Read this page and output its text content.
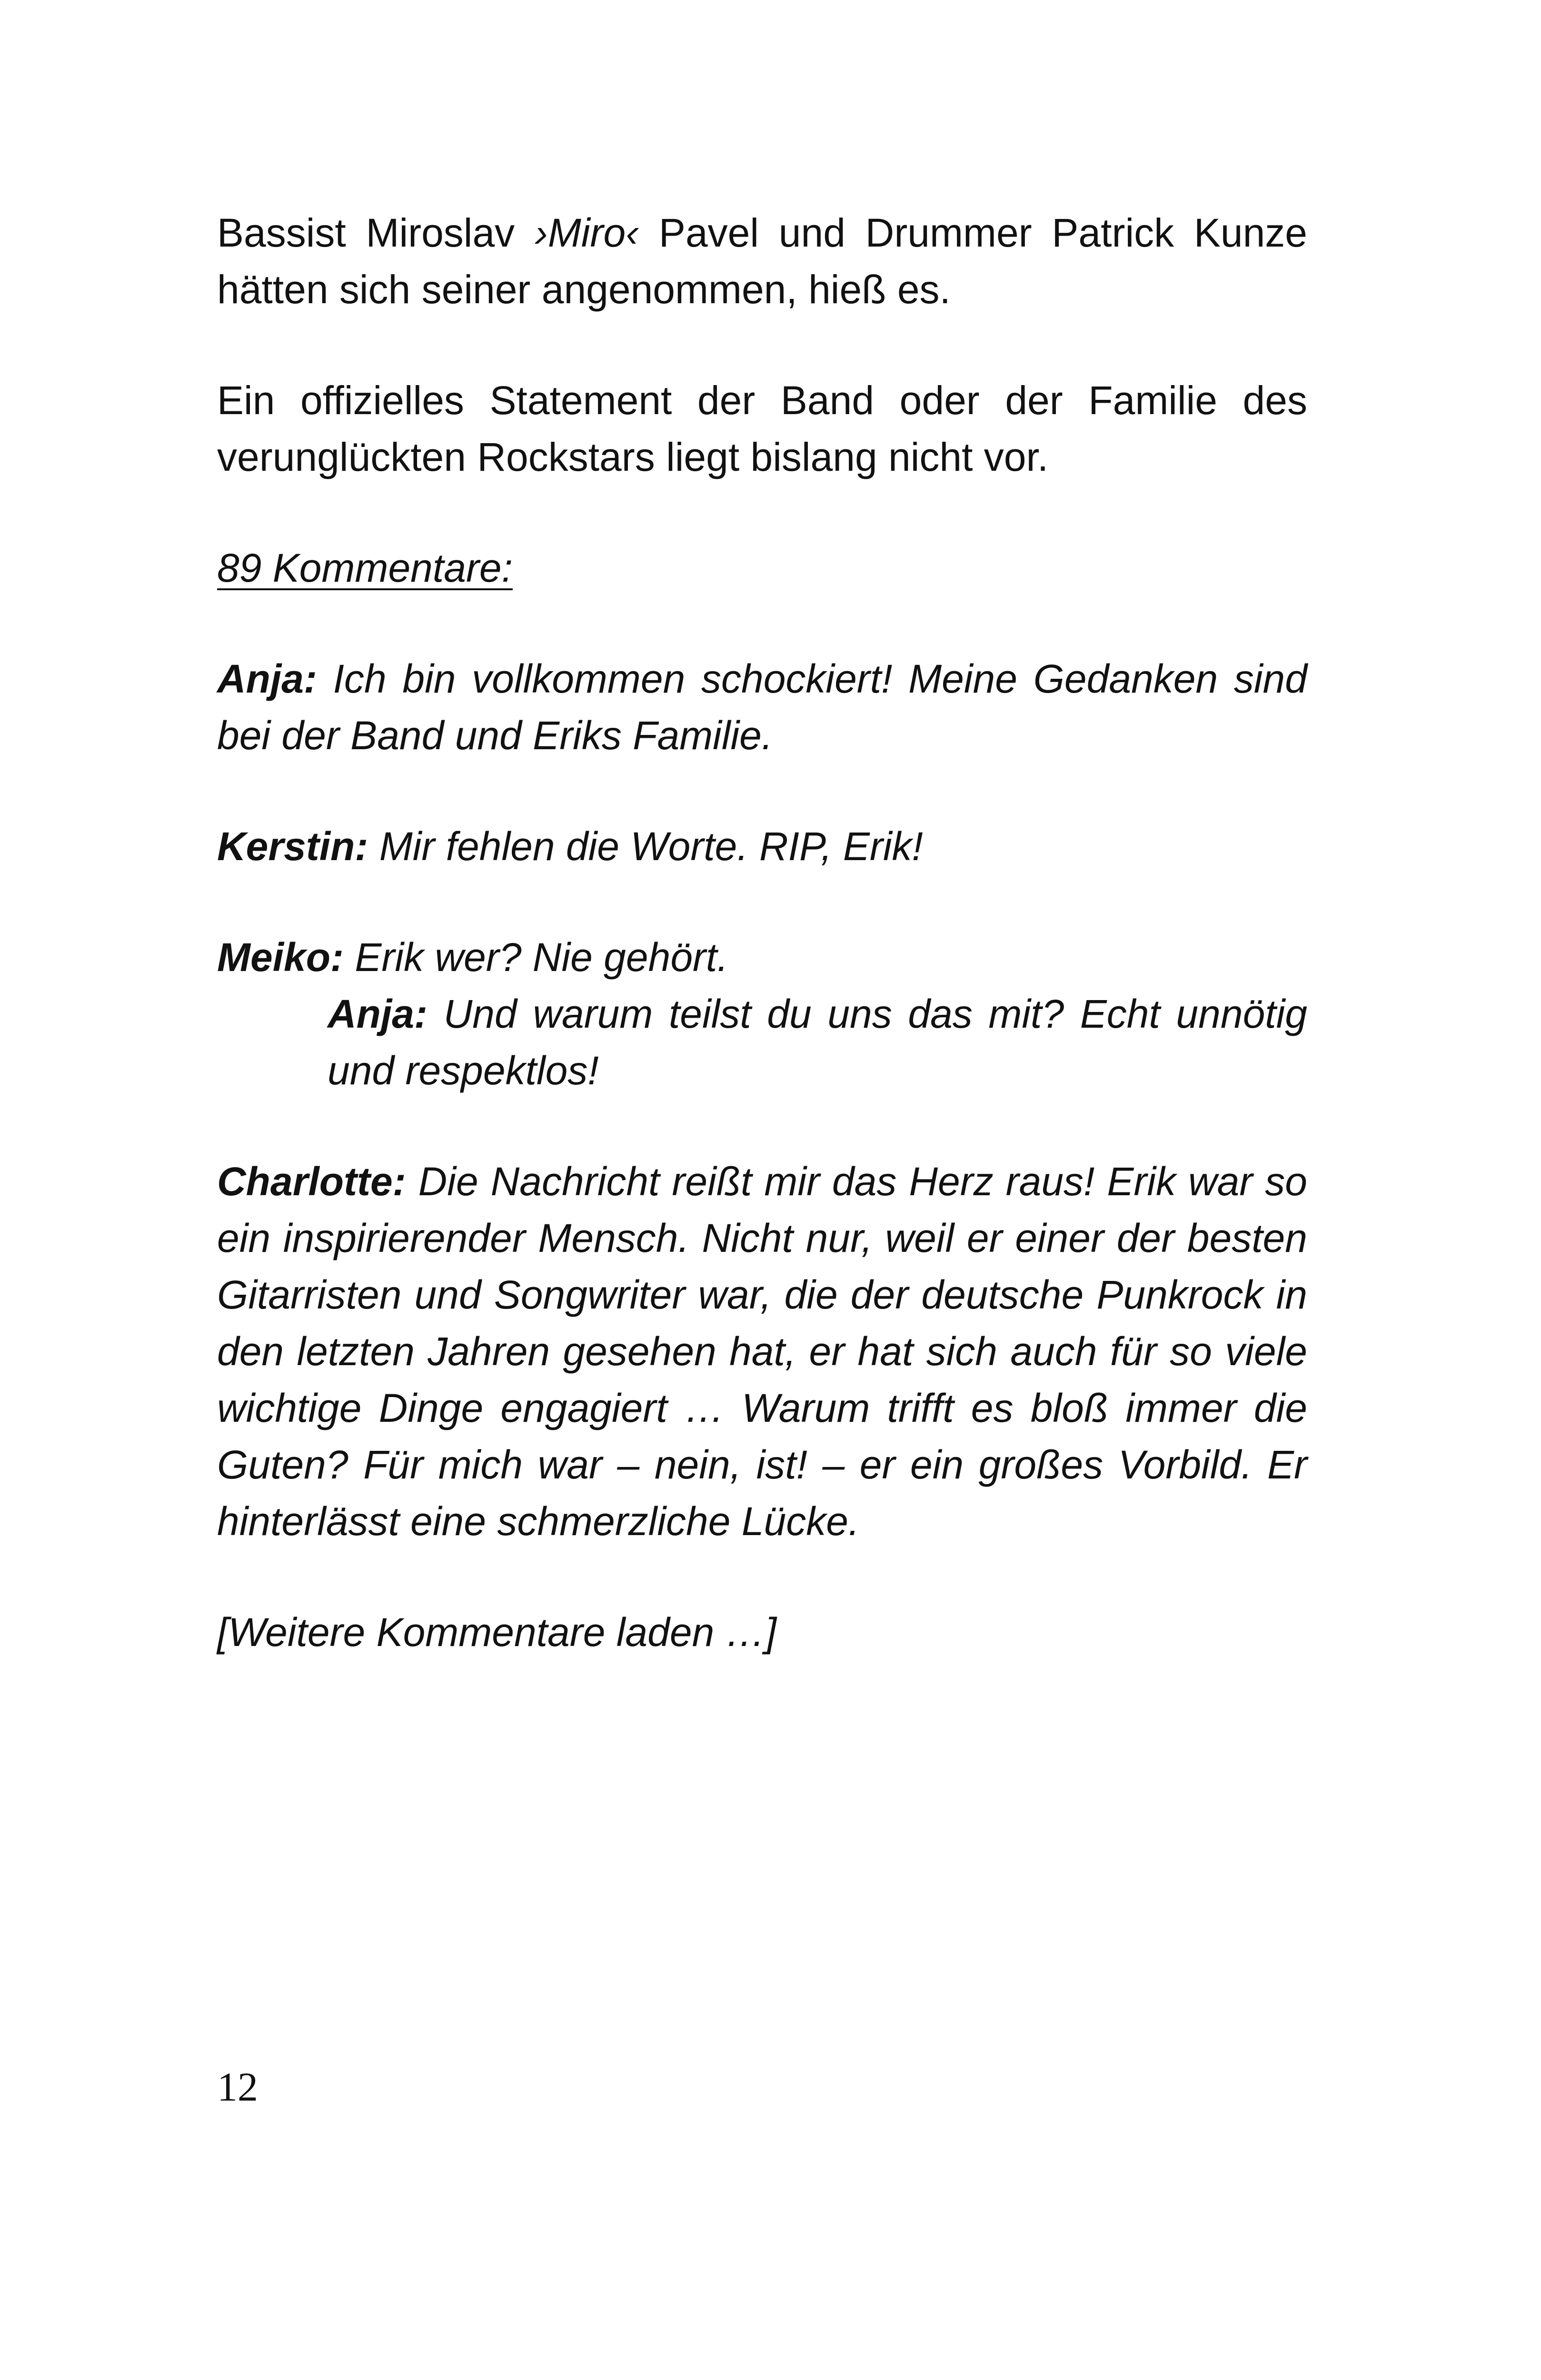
Bassist Miroslav ›Miro‹ Pavel und Drummer Patrick Kunze hätten sich seiner angenommen, hieß es.

Ein offizielles Statement der Band oder der Familie des verunglückten Rockstars liegt bislang nicht vor.

89 Kommentare:

Anja: Ich bin vollkommen schockiert! Meine Gedanken sind bei der Band und Eriks Familie.

Kerstin: Mir fehlen die Worte. RIP, Erik!

Meiko: Erik wer? Nie gehört.

Anja: Und warum teilst du uns das mit? Echt unnötig und respektlos!

Charlotte: Die Nachricht reißt mir das Herz raus! Erik war so ein inspirierender Mensch. Nicht nur, weil er einer der besten Gitarristen und Songwriter war, die der deutsche Punkrock in den letzten Jahren gesehen hat, er hat sich auch für so viele wichtige Dinge engagiert … Warum trifft es bloß immer die Guten? Für mich war – nein, ist! – er ein großes Vorbild. Er hinterlässt eine schmerzliche Lücke.

[Weitere Kommentare laden …]

12
